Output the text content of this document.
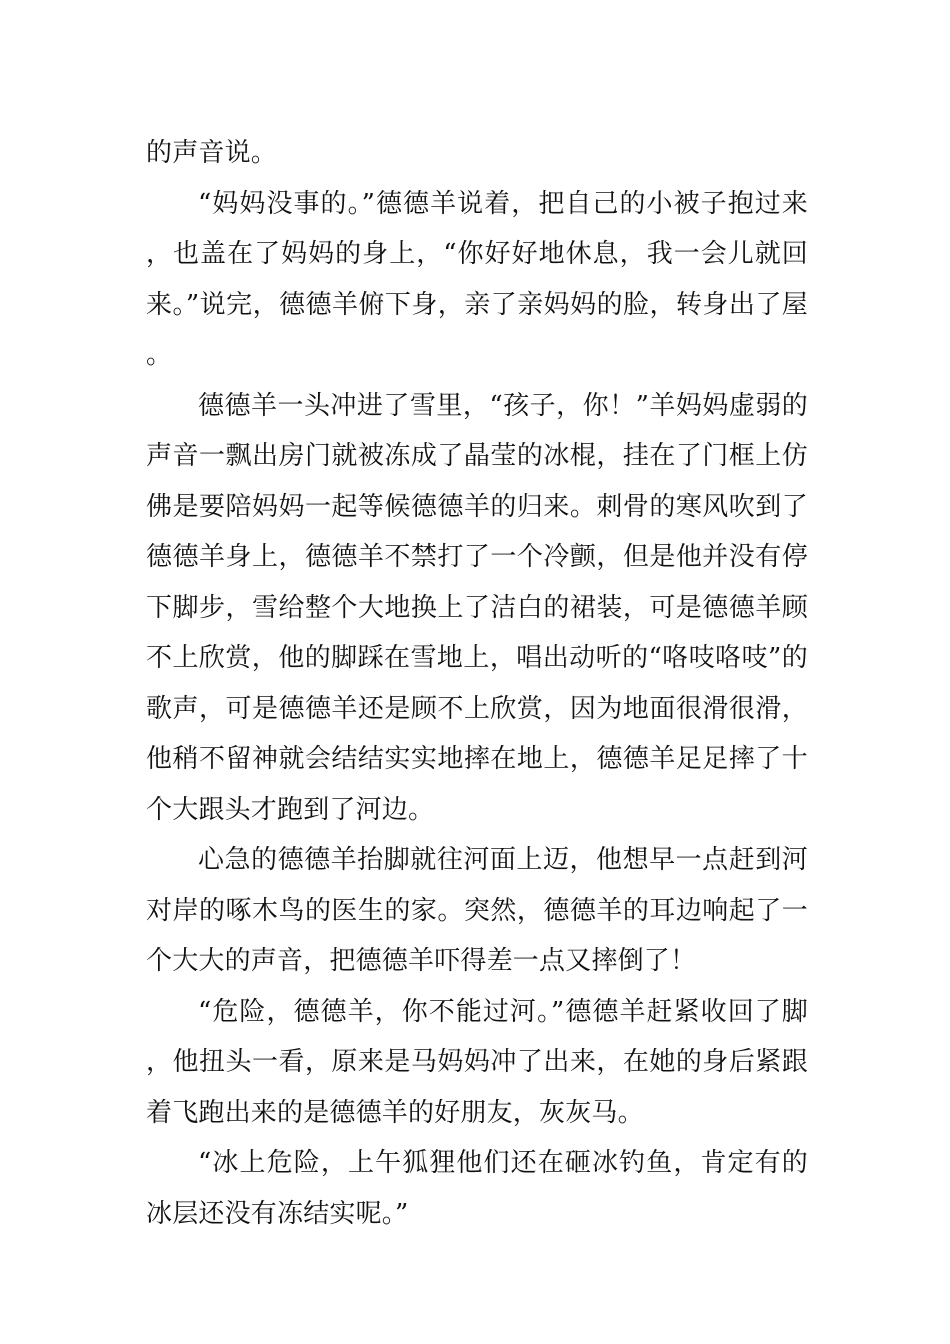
的声音说。

“妈妈没事的。”德德羊说着，把自己的小被子抱过来，也盖在了妈妈的身上，“你好好地休息，我一会儿就回来。”说完，德德羊俯下身，亲了亲妈妈的脸，转身出了屋。

德德羊一头冲进了雪里，“孩子，你！”羊妈妈虚弱的声音一飘出房门就被冻成了晶莹的冰棍，挂在了门框上仿佛是要陪妈妈一起等候德德羊的归来。刺骨的寒风吹到了德德羊身上，德德羊不禁打了一个冷颤，但是他并没有停下脚步，雪给整个大地换上了洁白的裙装，可是德德羊顾不上欣赏，他的脚踩在雪地上，唱出动听的“咯吱咯吱”的歌声，可是德德羊还是顾不上欣赏，因为地面很滑很滑，他稍不留神就会结结实实地摔在地上，德德羊足足摔了十个大跟头才跑到了河边。

心急的德德羊抬脚就往河面上迈，他想早一点赶到河对岸的啄木鸟的医生的家。突然，德德羊的耳边响起了一个大大的声音，把德德羊吓得差一点又摔倒了！

“危险，德德羊，你不能过河。”德德羊赶紧收回了脚，他扭头一看，原来是马妈妈冲了出来，在她的身后紧跟着飞跑出来的是德德羊的好朋友，灰灰马。

“冰上危险，上午狐狸他们还在砸冰钓鱼，肯定有的冰层还没有冻结实呢。”
